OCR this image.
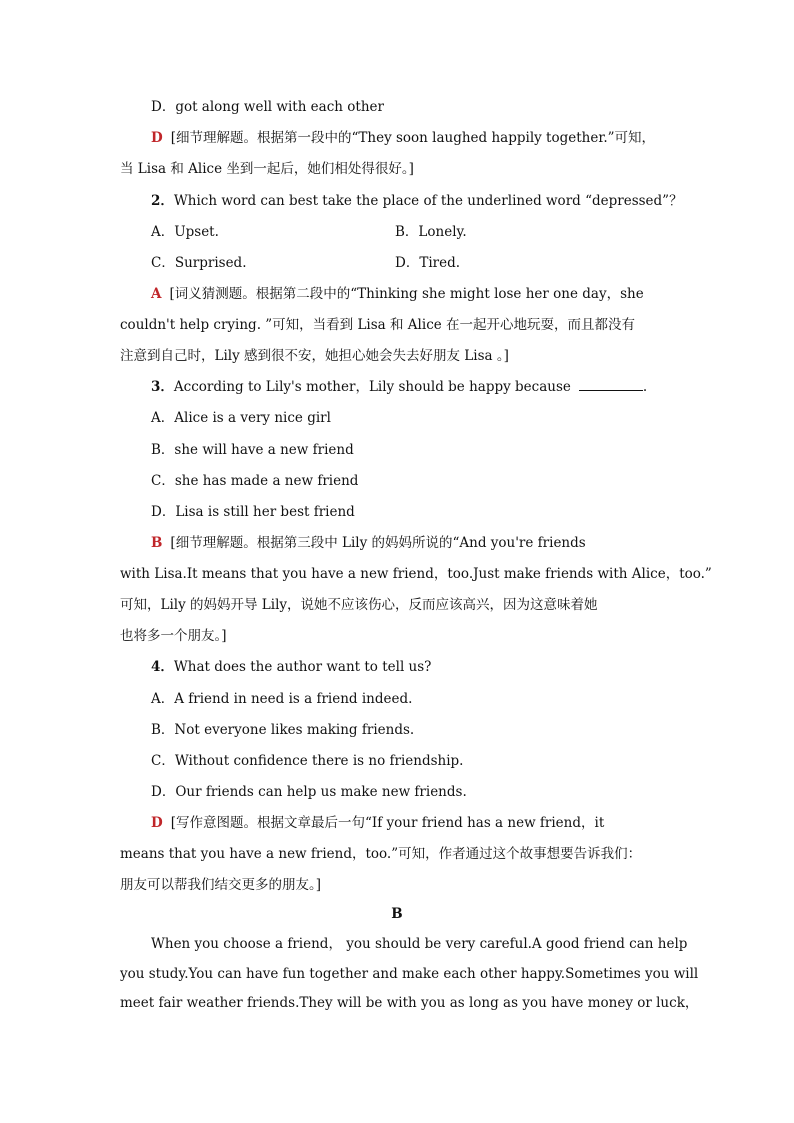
D．got along well with each other
D [细节理解题。根据第一段中的“They soon laughed happily together.”可知，
当 Lisa 和 Alice 坐到一起后，她们相处得很好。]
2．Which word can best take the place of the underlined word “depressed”？
A．Upset.	B．Lonely.
C．Surprised.	D．Tired.
A [词义猜测题。根据第二段中的“Thinking she might lose her one day，she
couldn't help crying. ”可知，当看到 Lisa 和 Alice 在一起开心地玩耍，而且都没有
注意到自己时，Lily 感到很不安，她担心她会失去好朋友 Lisa 。]
3．According to Lily's mother，Lily should be happy because	.
A．Alice is a very nice girl
B．she will have a new friend
C．she has made a new friend
D．Lisa is still her best friend
B [细节理解题。根据第三段中 Lily 的妈妈所说的“And you're friends
with Lisa.It means that you have a new friend，too.Just make friends with Alice，too.”
可知，Lily 的妈妈开导 Lily，说她不应该伤心，反而应该高兴，因为这意味着她
也将多一个朋友。]
4．What does the author want to tell us?
A．A friend in need is a friend indeed.
B．Not everyone likes making friends.
C．Without confidence there is no friendship.
D．Our friends can help us make new friends.
D [写作意图题。根据文章最后一句“If your friend has a new friend，it
means that you have a new friend，too.”可知，作者通过这个故事想要告诉我们：
朋友可以帮我们结交更多的朋友。]
B
When you choose a friend， you should be very careful.A good friend can help
you study.You can have fun together and make each other happy.Sometimes you will
meet fair weather friends.They will be with you as long as you have money or luck，
